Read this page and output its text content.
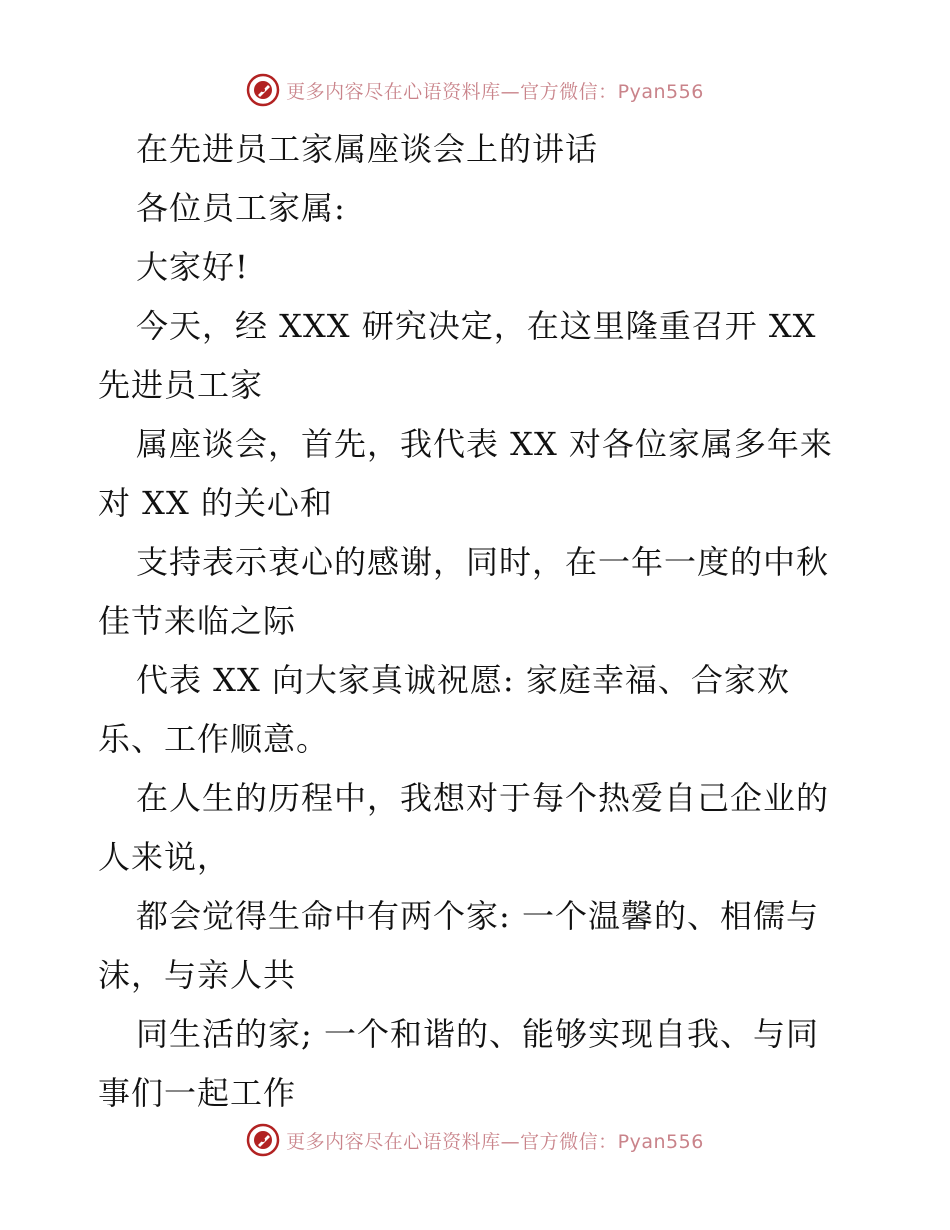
更多内容尽在心语资料库—官方微信：Pyan556
在先进员工家属座谈会上的讲话
各位员工家属:
大家好!
今天，经 XXX 研究决定，在这里隆重召开 XX
先进员工家
属座谈会，首先，我代表 XX 对各位家属多年来
对 XX 的关心和
支持表示衷心的感谢，同时，在一年一度的中秋
佳节来临之际
代表 XX 向大家真诚祝愿: 家庭幸福、合家欢
乐、工作顺意。
在人生的历程中，我想对于每个热爱自己企业的
人来说，
都会觉得生命中有两个家: 一个温馨的、相儒与
沫，与亲人共
同生活的家; 一个和谐的、能够实现自我、与同
事们一起工作
更多内容尽在心语资料库—官方微信：Pyan556
